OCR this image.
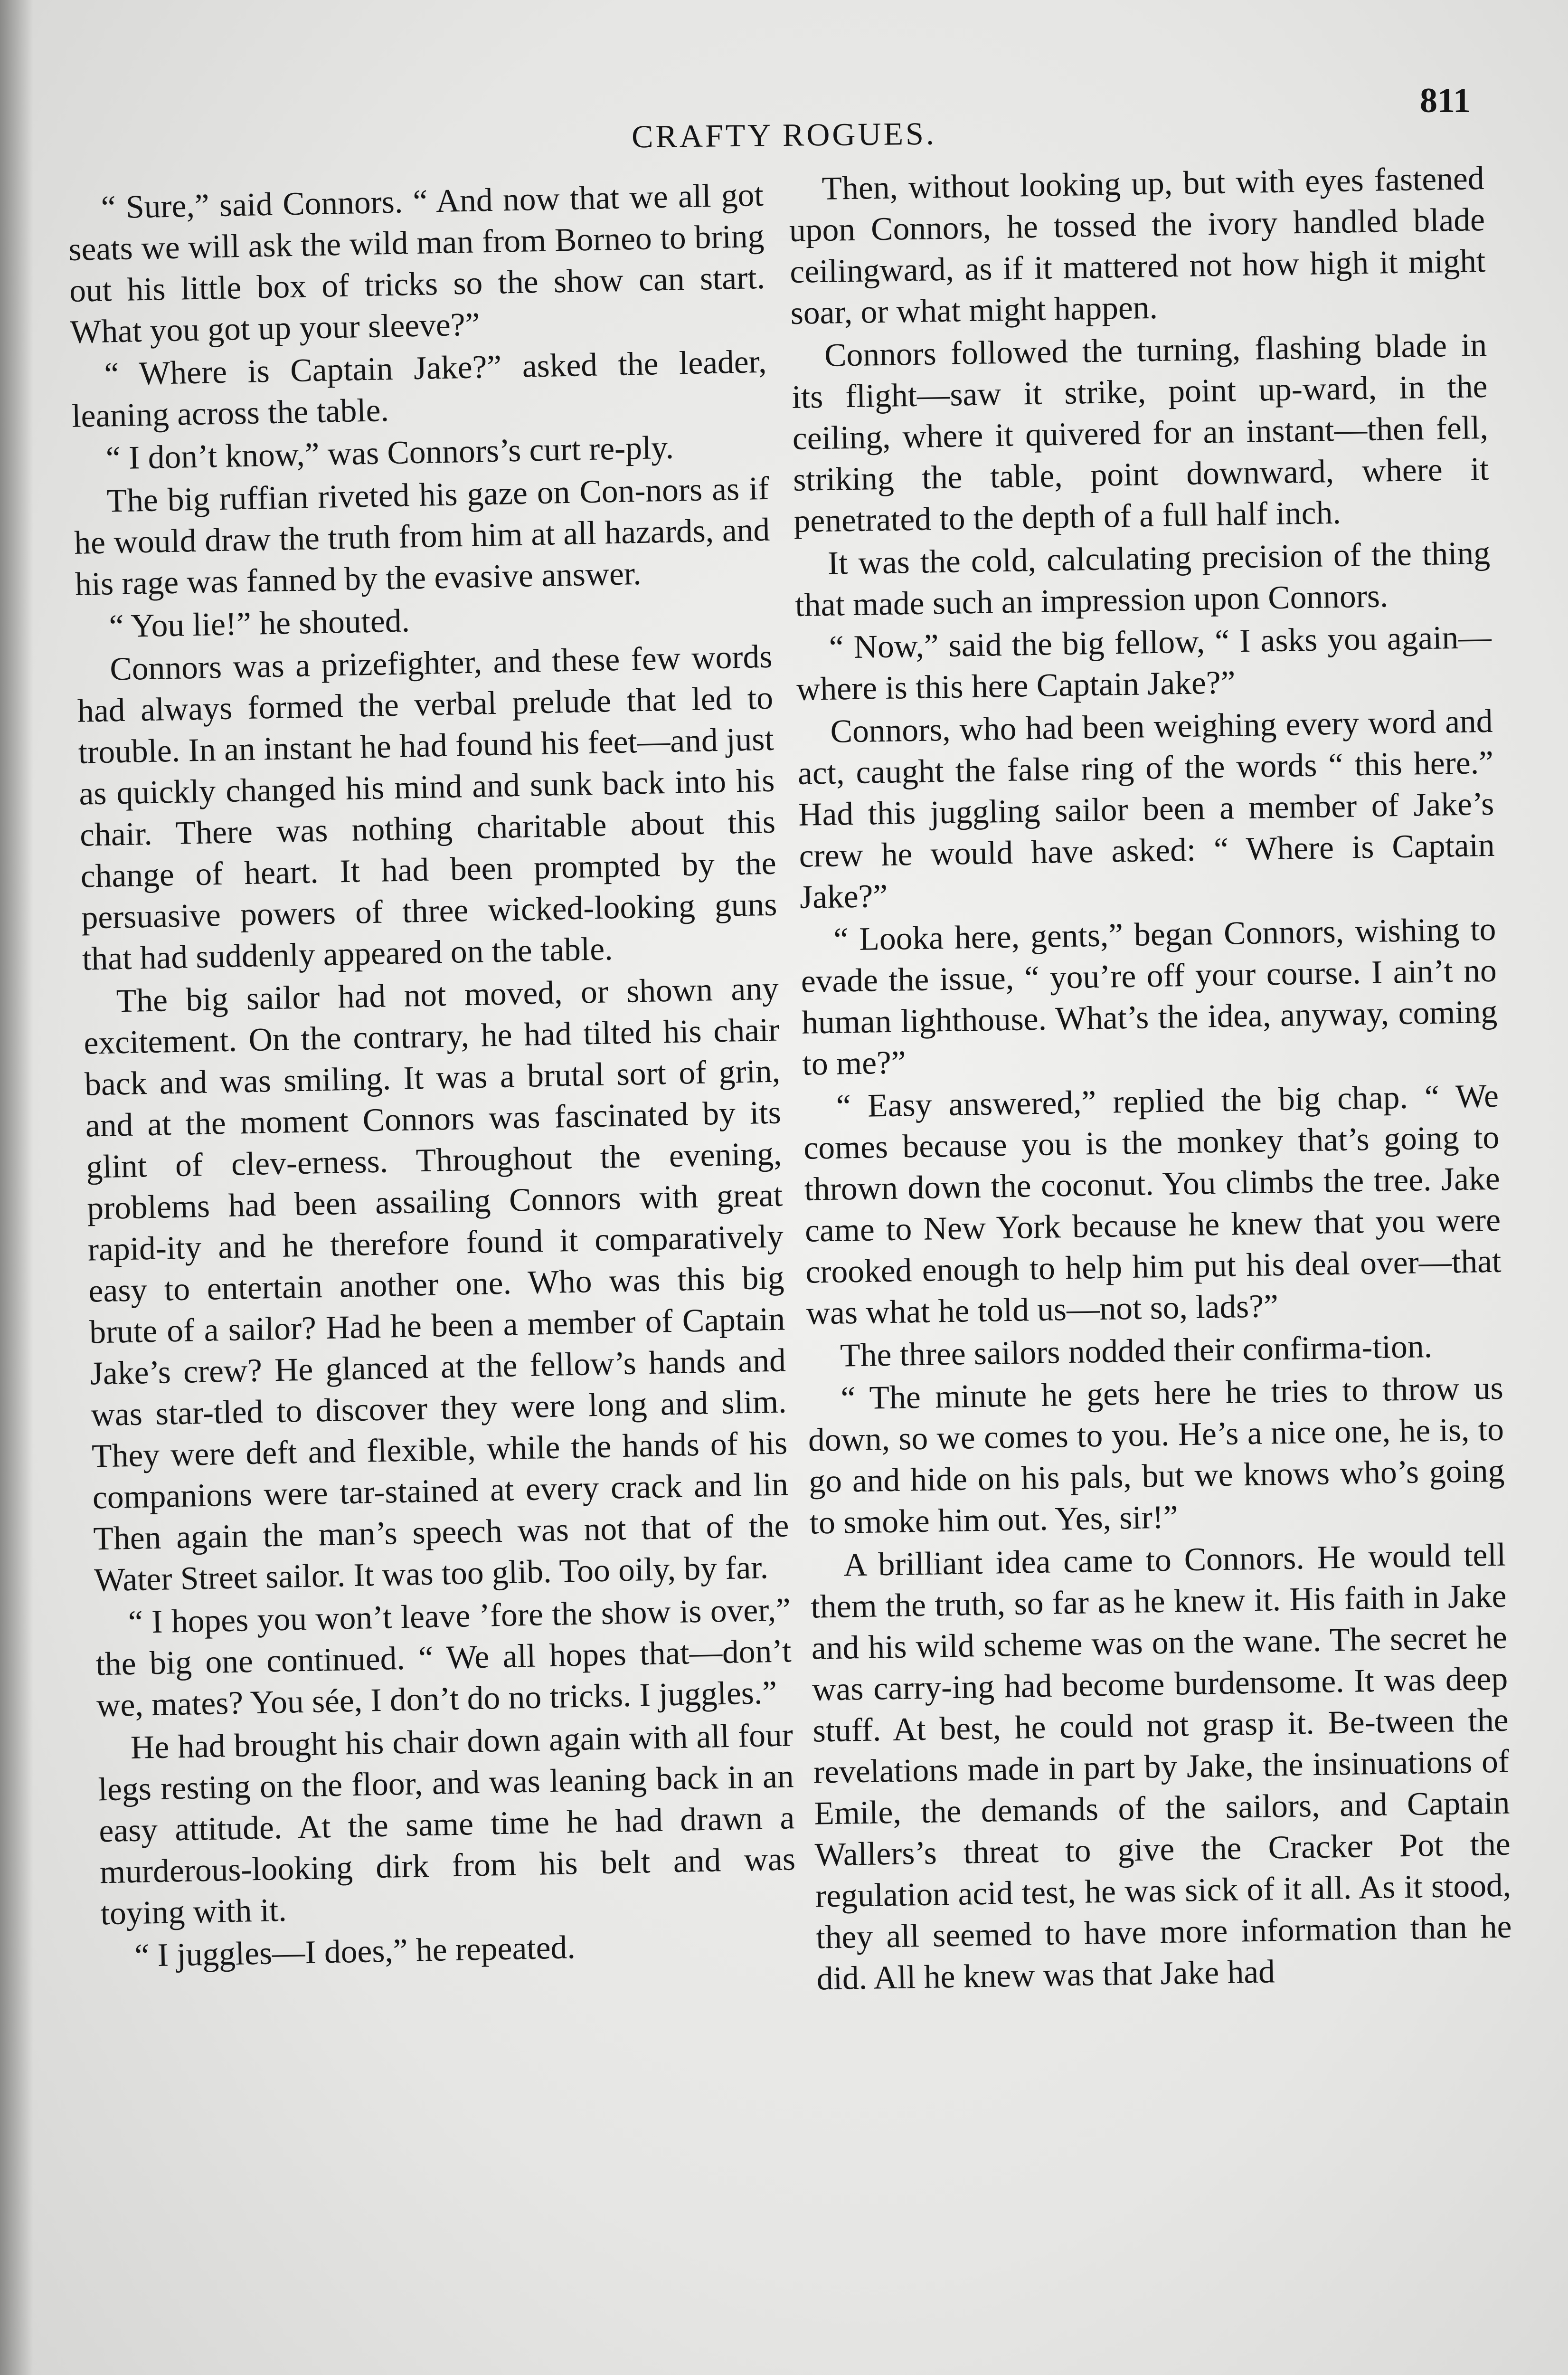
CRAFTY ROGUES.
811

“ Sure,” said Connors. “ And now that we all got seats we will ask the wild man from Borneo to bring out his little box of tricks so the show can start. What you got up your sleeve?”

“ Where is Captain Jake?” asked the leader, leaning across the table.

“ I don’t know,” was Connors’s curt re-ply.

The big ruffian riveted his gaze on Con-nors as if he would draw the truth from him at all hazards, and his rage was fanned by the evasive answer.

“ You lie!” he shouted.

Connors was a prizefighter, and these few words had always formed the verbal prelude that led to trouble. In an instant he had found his feet—and just as quickly changed his mind and sunk back into his chair. There was nothing charitable about this change of heart. It had been prompted by the persuasive powers of three wicked-looking guns that had suddenly appeared on the table.

The big sailor had not moved, or shown any excitement. On the contrary, he had tilted his chair back and was smiling. It was a brutal sort of grin, and at the moment Connors was fascinated by its glint of clev-erness. Throughout the evening, problems had been assailing Connors with great rapid-ity and he therefore found it comparatively easy to entertain another one. Who was this big brute of a sailor? Had he been a member of Captain Jake’s crew? He glanced at the fellow’s hands and was star-tled to discover they were long and slim. They were deft and flexible, while the hands of his companions were tar-stained at every crack and lin Then again the man’s speech was not that of the Water Street sailor. It was too glib. Too oily, by far.

“ I hopes you won’t leave ’fore the show is over,” the big one continued. “ We all hopes that—don’t we, mates? You sée, I don’t do no tricks. I juggles.”

He had brought his chair down again with all four legs resting on the floor, and was leaning back in an easy attitude. At the same time he had drawn a murderous-looking dirk from his belt and was toying with it.

“ I juggles—I does,” he repeated.

Then, without looking up, but with eyes fastened upon Connors, he tossed the ivory handled blade ceilingward, as if it mattered not how high it might soar, or what might happen.

Connors followed the turning, flashing blade in its flight—saw it strike, point up-ward, in the ceiling, where it quivered for an instant—then fell, striking the table, point downward, where it penetrated to the depth of a full half inch.

It was the cold, calculating precision of the thing that made such an impression upon Connors.

“ Now,” said the big fellow, “ I asks you again—where is this here Captain Jake?”

Connors, who had been weighing every word and act, caught the false ring of the words “ this here.” Had this juggling sailor been a member of Jake’s crew he would have asked: “ Where is Captain Jake?”

“ Looka here, gents,” began Connors, wishing to evade the issue, “ you’re off your course. I ain’t no human lighthouse. What’s the idea, anyway, coming to me?”

“ Easy answered,” replied the big chap. “ We comes because you is the monkey that’s going to thrown down the coconut. You climbs the tree. Jake came to New York because he knew that you were crooked enough to help him put his deal over—that was what he told us—not so, lads?”

The three sailors nodded their confirma-tion.

“ The minute he gets here he tries to throw us down, so we comes to you. He’s a nice one, he is, to go and hide on his pals, but we knows who’s going to smoke him out. Yes, sir!”

A brilliant idea came to Connors. He would tell them the truth, so far as he knew it. His faith in Jake and his wild scheme was on the wane. The secret he was carry-ing had become burdensome. It was deep stuff. At best, he could not grasp it. Be-tween the revelations made in part by Jake, the insinuations of Emile, the demands of the sailors, and Captain Wallers’s threat to give the Cracker Pot the regulation acid test, he was sick of it all. As it stood, they all seemed to have more information than he did. All he knew was that Jake had
